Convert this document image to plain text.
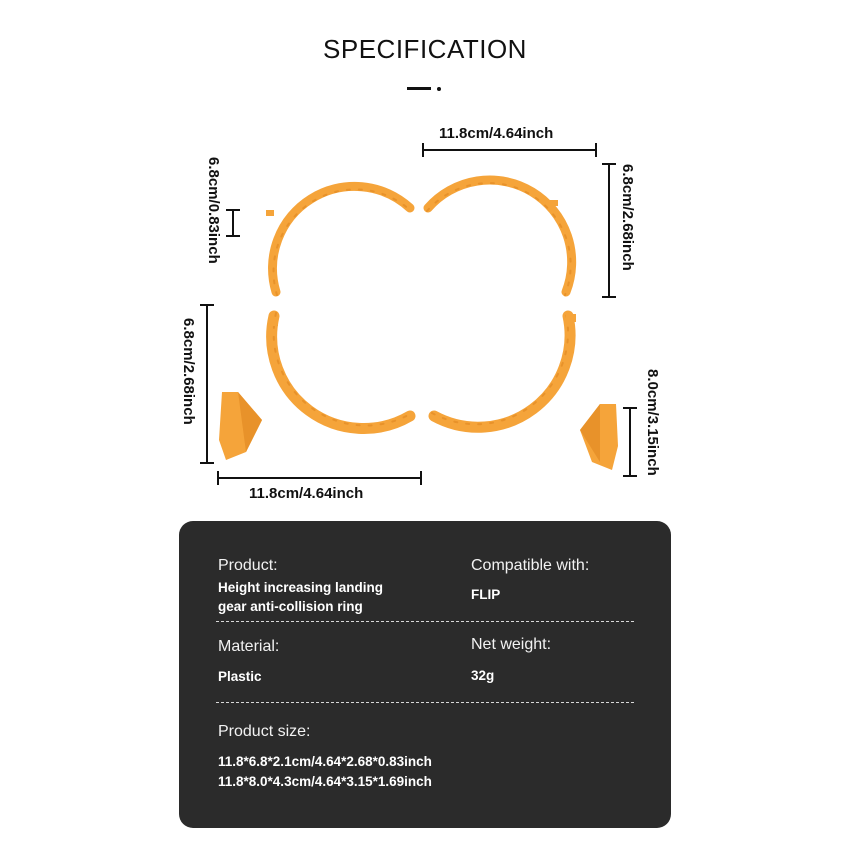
SPECIFICATION
11.8cm/4.64inch
6.8cm/2.68inch
6.8cm/0.83inch
6.8cm/2.68inch
11.8cm/4.64inch
8.0cm/3.15inch
Product:
Height increasing landing
gear anti-collision ring
Compatible with:
FLIP
Material:
Plastic
Net weight:
32g
Product size:
11.8*6.8*2.1cm/4.64*2.68*0.83inch
11.8*8.0*4.3cm/4.64*3.15*1.69inch
